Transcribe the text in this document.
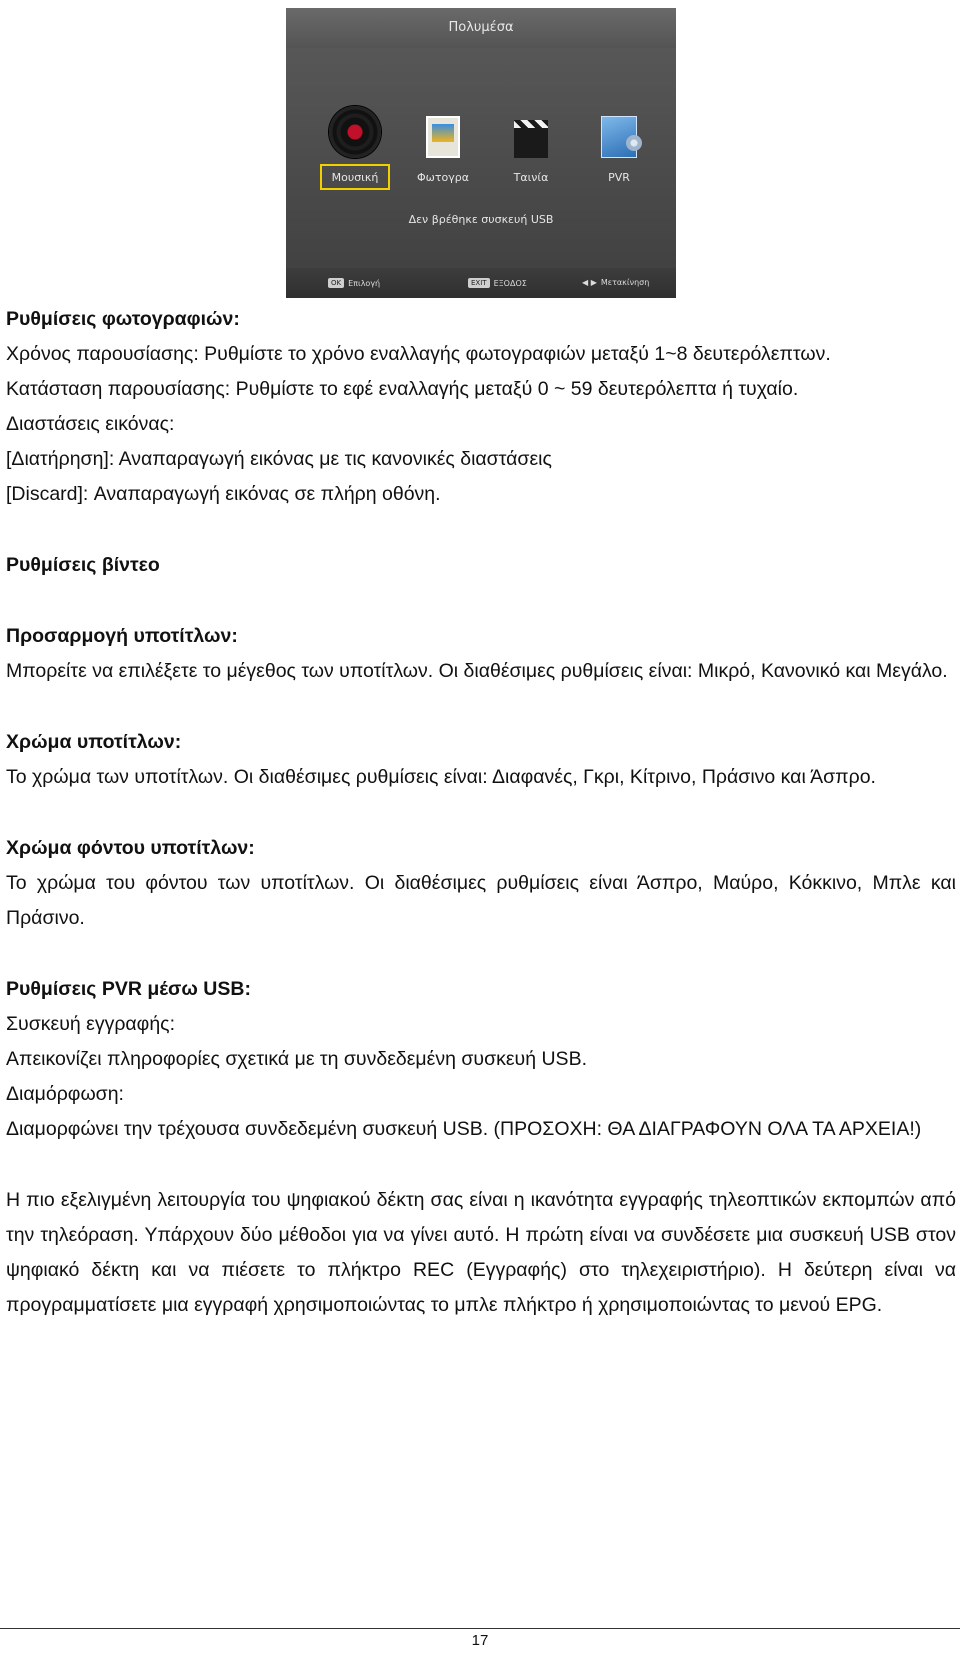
Πολυμέσα
Μουσική	Φωτογρα	Ταινία	PVR
Δεν βρέθηκε συσκευή USB
OK Επιλογή	EXIT ΕΞΟΔΟΣ	◀ ▶ Μετακίνηση

Ρυθμίσεις φωτογραφιών:

Χρόνος παρουσίασης: Ρυθμίστε το χρόνο εναλλαγής φωτογραφιών μεταξύ 1~8 δευτερόλεπτων.

Κατάσταση παρουσίασης: Ρυθμίστε το εφέ εναλλαγής μεταξύ 0 ~ 59 δευτερόλεπτα ή τυχαίο.

Διαστάσεις εικόνας:

[Διατήρηση]: Αναπαραγωγή εικόνας με τις κανονικές διαστάσεις

[Discard]: Αναπαραγωγή εικόνας σε πλήρη οθόνη.

Ρυθμίσεις βίντεο

Προσαρμογή υποτίτλων:

Μπορείτε να επιλέξετε το μέγεθος των υποτίτλων. Οι διαθέσιμες ρυθμίσεις είναι: Μικρό, Κανονικό και Μεγάλο.

Χρώμα υποτίτλων:

Το χρώμα των υποτίτλων. Οι διαθέσιμες ρυθμίσεις είναι: Διαφανές, Γκρι, Κίτρινο, Πράσινο και Άσπρο.

Χρώμα φόντου υποτίτλων:

Το χρώμα του φόντου των υποτίτλων. Οι διαθέσιμες ρυθμίσεις είναι Άσπρο, Μαύρο, Κόκκινο, Μπλε και Πράσινο.

Ρυθμίσεις PVR μέσω USB:

Συσκευή εγγραφής:

Απεικονίζει πληροφορίες σχετικά με τη συνδεδεμένη συσκευή USB.

Διαμόρφωση:

Διαμορφώνει την τρέχουσα συνδεδεμένη συσκευή USB. (ΠΡΟΣΟΧΗ: ΘΑ ΔΙΑΓΡΑΦΟΥΝ ΟΛΑ ΤΑ ΑΡΧΕΙΑ!)

Η πιο εξελιγμένη λειτουργία του ψηφιακού δέκτη σας είναι η ικανότητα εγγραφής τηλεοπτικών εκπομπών από την τηλεόραση. Υπάρχουν δύο μέθοδοι για να γίνει αυτό. Η πρώτη είναι να συνδέσετε μια συσκευή USB στον ψηφιακό δέκτη και να πιέσετε το πλήκτρο REC (Εγγραφής) στο τηλεχειριστήριο). Η δεύτερη είναι να προγραμματίσετε μια εγγραφή χρησιμοποιώντας το μπλε πλήκτρο ή χρησιμοποιώντας το μενού EPG.

17
